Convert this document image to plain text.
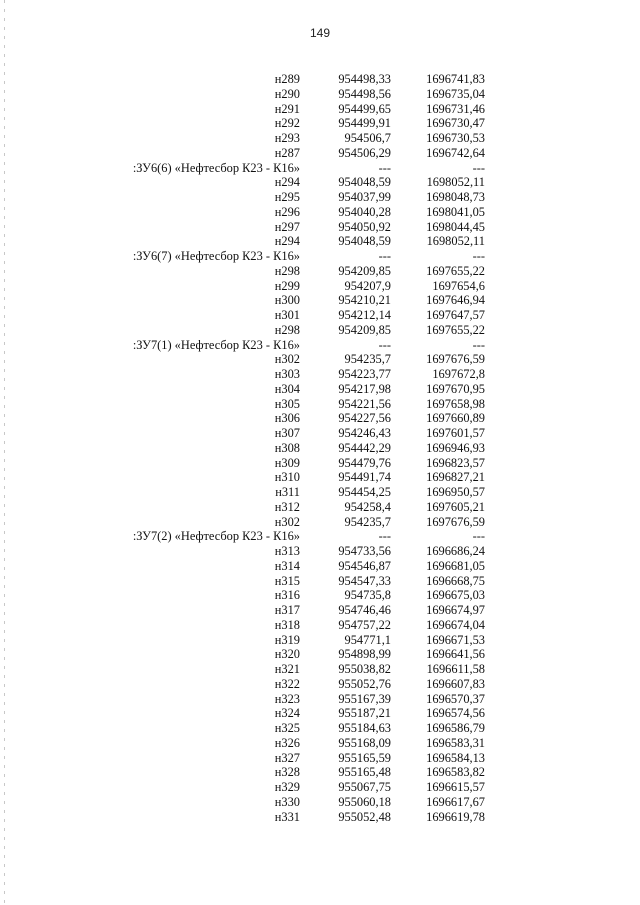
149
н289	954498,33	1696741,83
н290	954498,56	1696735,04
н291	954499,65	1696731,46
н292	954499,91	1696730,47
н293	954506,7	1696730,53
н287	954506,29	1696742,64
:ЗУ6(6) «Нефтесбор К23 - К16»	---	---
н294	954048,59	1698052,11
н295	954037,99	1698048,73
н296	954040,28	1698041,05
н297	954050,92	1698044,45
н294	954048,59	1698052,11
:ЗУ6(7) «Нефтесбор К23 - К16»	---	---
н298	954209,85	1697655,22
н299	954207,9	1697654,6
н300	954210,21	1697646,94
н301	954212,14	1697647,57
н298	954209,85	1697655,22
:ЗУ7(1) «Нефтесбор К23 - К16»	---	---
н302	954235,7	1697676,59
н303	954223,77	1697672,8
н304	954217,98	1697670,95
н305	954221,56	1697658,98
н306	954227,56	1697660,89
н307	954246,43	1697601,57
н308	954442,29	1696946,93
н309	954479,76	1696823,57
н310	954491,74	1696827,21
н311	954454,25	1696950,57
н312	954258,4	1697605,21
н302	954235,7	1697676,59
:ЗУ7(2) «Нефтесбор К23 - К16»	---	---
н313	954733,56	1696686,24
н314	954546,87	1696681,05
н315	954547,33	1696668,75
н316	954735,8	1696675,03
н317	954746,46	1696674,97
н318	954757,22	1696674,04
н319	954771,1	1696671,53
н320	954898,99	1696641,56
н321	955038,82	1696611,58
н322	955052,76	1696607,83
н323	955167,39	1696570,37
н324	955187,21	1696574,56
н325	955184,63	1696586,79
н326	955168,09	1696583,31
н327	955165,59	1696584,13
н328	955165,48	1696583,82
н329	955067,75	1696615,57
н330	955060,18	1696617,67
н331	955052,48	1696619,78
